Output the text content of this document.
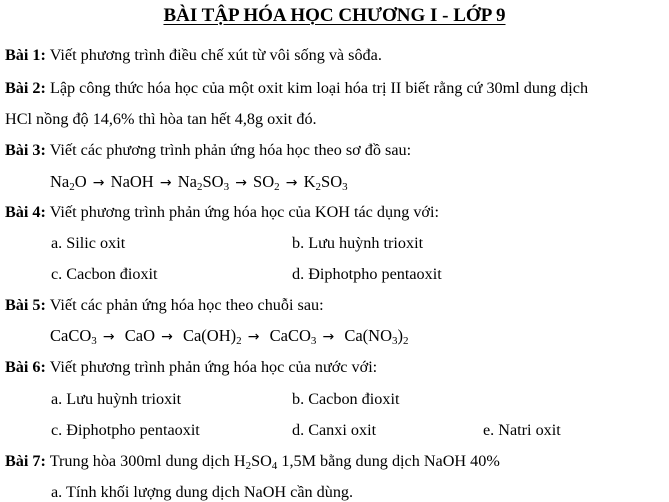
BÀI TẬP HÓA HỌC CHƯƠNG I - LỚP 9
Bài 1: Viết phương trình điều chế xút từ vôi sống và sôđa.
Bài 2: Lập công thức hóa học của một oxit kim loại hóa trị II biết rằng cứ 30ml dung dịch
HCl nồng độ 14,6% thì hòa tan hết 4,8g oxit đó.
Bài 3: Viết các phương trình phản ứng hóa học theo sơ đồ sau:
$Na_2O$ → NaOH → $Na_2SO_3 \to SO_2 \to K_2SO_3$
Bài 4: Viết phương trình phản ứng hóa học của KOH tác dụng với:
a. Silic oxit	b. Lưu huỳnh trioxit
c. Cacbon đioxit	d. Điphotpho pentaoxit
Bài 5: Viết các phản ứng hóa học theo chuỗi sau:
CaCO$_3$ → CaO → $Ca(OH)_2$ → CaCO$_3$ → $Ca(NO_3)_2$
Bài 6: Viết phương trình phản ứng hóa học của nước với:
a. Lưu huỳnh trioxit	b. Cacbon đioxit
c. Điphotpho pentaoxit	d. Canxi oxit	e. Natri oxit
Bài 7: Trung hòa 300ml dung dịch $H_2SO_4$ 1,5M bằng dung dịch NaOH 40%
a. Tính khối lượng dung dịch NaOH cần dùng.
